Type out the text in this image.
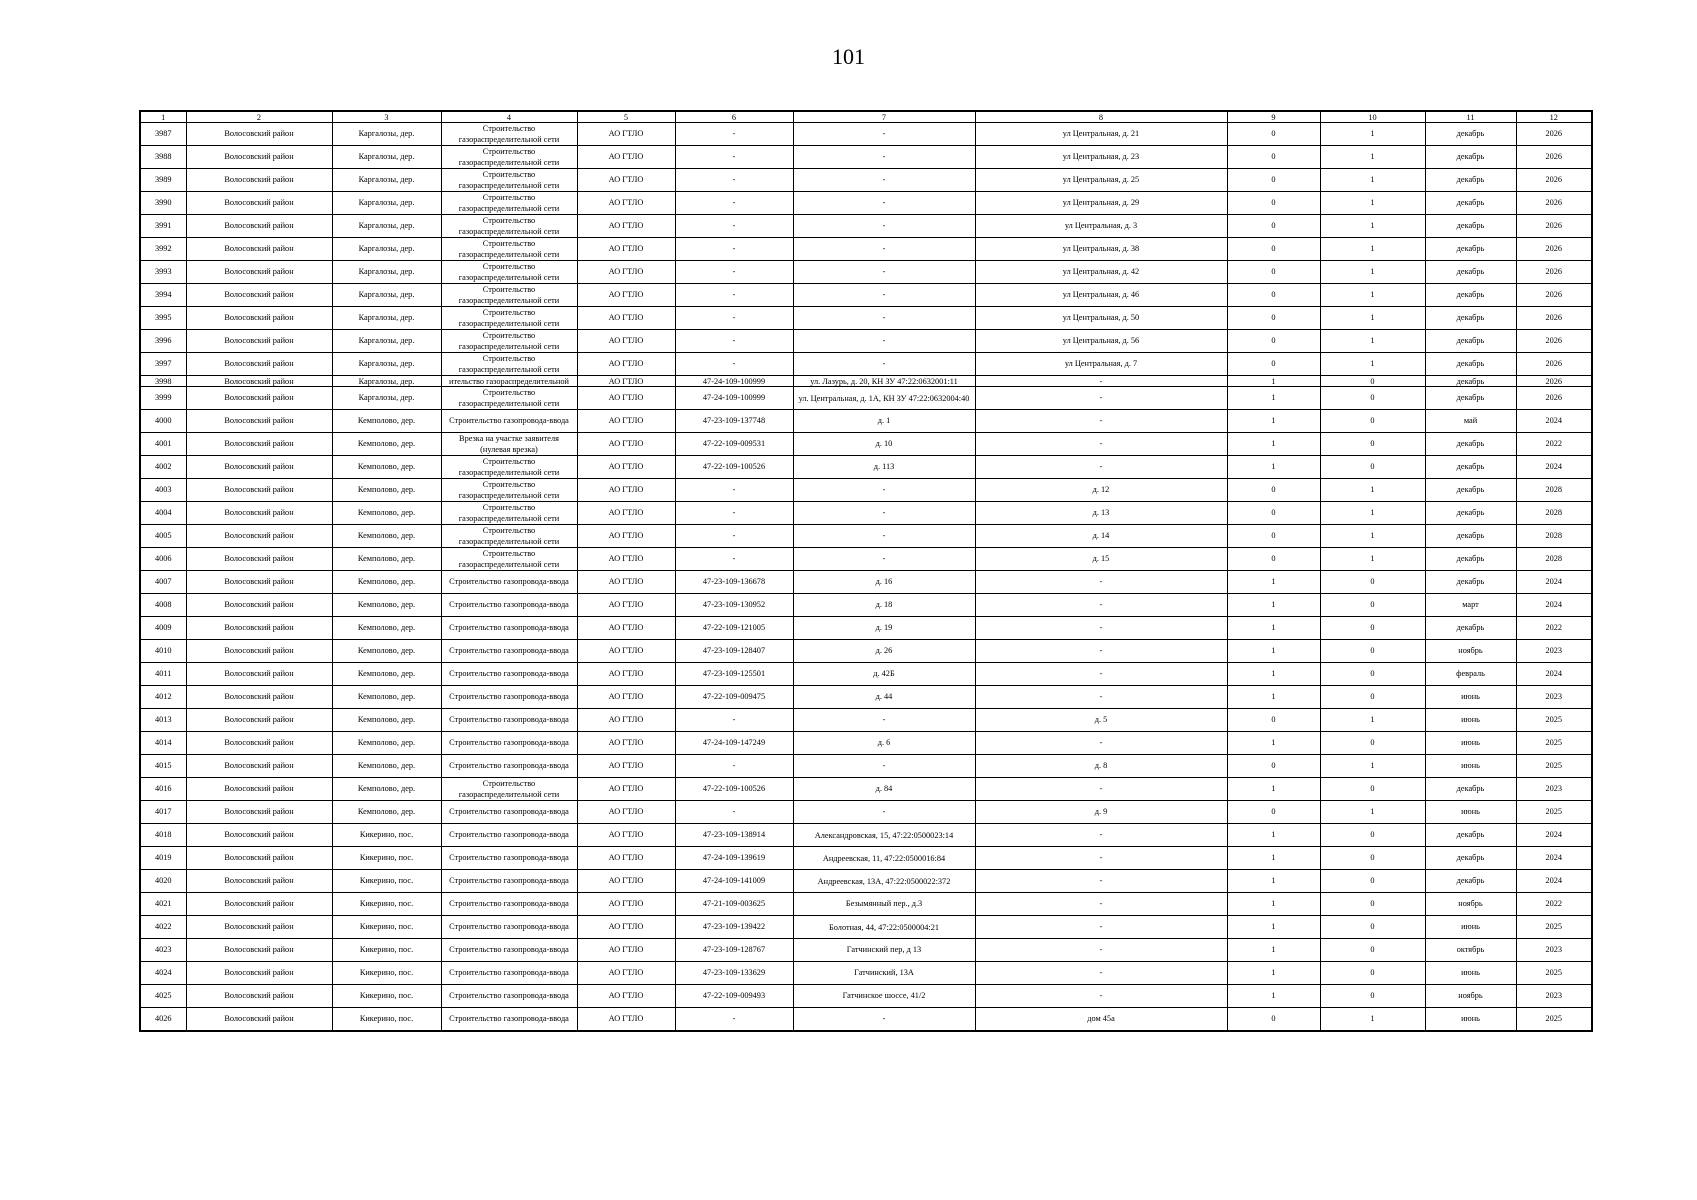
101
1	2	3	4	5	6	7	8	9	10	11	12
3987	Волосовский район	Каргалозы, дер.	Строительство газораспределительной сети	АО ГТЛО	-	-	ул Центральная, д. 21	0	1	декабрь	2026
3988	Волосовский район	Каргалозы, дер.	Строительство газораспределительной сети	АО ГТЛО	-	-	ул Центральная, д. 23	0	1	декабрь	2026
3989	Волосовский район	Каргалозы, дер.	Строительство газораспределительной сети	АО ГТЛО	-	-	ул Центральная, д. 25	0	1	декабрь	2026
3990	Волосовский район	Каргалозы, дер.	Строительство газораспределительной сети	АО ГТЛО	-	-	ул Центральная, д. 29	0	1	декабрь	2026
3991	Волосовский район	Каргалозы, дер.	Строительство газораспределительной сети	АО ГТЛО	-	-	ул Центральная, д. 3	0	1	декабрь	2026
3992	Волосовский район	Каргалозы, дер.	Строительство газораспределительной сети	АО ГТЛО	-	-	ул Центральная, д. 38	0	1	декабрь	2026
3993	Волосовский район	Каргалозы, дер.	Строительство газораспределительной сети	АО ГТЛО	-	-	ул Центральная, д. 42	0	1	декабрь	2026
3994	Волосовский район	Каргалозы, дер.	Строительство газораспределительной сети	АО ГТЛО	-	-	ул Центральная, д. 46	0	1	декабрь	2026
3995	Волосовский район	Каргалозы, дер.	Строительство газораспределительной сети	АО ГТЛО	-	-	ул Центральная, д. 50	0	1	декабрь	2026
3996	Волосовский район	Каргалозы, дер.	Строительство газораспределительной сети	АО ГТЛО	-	-	ул Центральная, д. 56	0	1	декабрь	2026
3997	Волосовский район	Каргалозы, дер.	Строительство газораспределительной сети	АО ГТЛО	-	-	ул Центральная, д. 7	0	1	декабрь	2026
3998	Волосовский район	Каргалозы, дер.	ительство газораспределительной	АО ГТЛО	47-24-109-100999	ул. Лазурь, д. 20, КН ЗУ 47:22:0632001:11	-	1	0	декабрь	2026
3999	Волосовский район	Каргалозы, дер.	Строительство газораспределительной сети	АО ГТЛО	47-24-109-100999	ул. Центральная, д. 1А, КН ЗУ 47:22:0632004:40	-	1	0	декабрь	2026
4000	Волосовский район	Кемполово, дер.	Строительство газопровода-ввода	АО ГТЛО	47-23-109-137748	д. 1	-	1	0	май	2024
4001	Волосовский район	Кемполово, дер.	Врезка на участке заявителя (нулевая врезка)	АО ГТЛО	47-22-109-009531	д. 10	-	1	0	декабрь	2022
4002	Волосовский район	Кемполово, дер.	Строительство газораспределительной сети	АО ГТЛО	47-22-109-100526	д. 113	-	1	0	декабрь	2024
4003	Волосовский район	Кемполово, дер.	Строительство газораспределительной сети	АО ГТЛО	-	-	д. 12	0	1	декабрь	2028
4004	Волосовский район	Кемполово, дер.	Строительство газораспределительной сети	АО ГТЛО	-	-	д. 13	0	1	декабрь	2028
4005	Волосовский район	Кемполово, дер.	Строительство газораспределительной сети	АО ГТЛО	-	-	д. 14	0	1	декабрь	2028
4006	Волосовский район	Кемполово, дер.	Строительство газораспределительной сети	АО ГТЛО	-	-	д. 15	0	1	декабрь	2028
4007	Волосовский район	Кемполово, дер.	Строительство газопровода-ввода	АО ГТЛО	47-23-109-136678	д. 16	-	1	0	декабрь	2024
4008	Волосовский район	Кемполово, дер.	Строительство газопровода-ввода	АО ГТЛО	47-23-109-130952	д. 18	-	1	0	март	2024
4009	Волосовский район	Кемполово, дер.	Строительство газопровода-ввода	АО ГТЛО	47-22-109-121005	д. 19	-	1	0	декабрь	2022
4010	Волосовский район	Кемполово, дер.	Строительство газопровода-ввода	АО ГТЛО	47-23-109-128407	д. 26	-	1	0	ноябрь	2023
4011	Волосовский район	Кемполово, дер.	Строительство газопровода-ввода	АО ГТЛО	47-23-109-125501	д. 42Б	-	1	0	февраль	2024
4012	Волосовский район	Кемполово, дер.	Строительство газопровода-ввода	АО ГТЛО	47-22-109-009475	д. 44	-	1	0	июнь	2023
4013	Волосовский район	Кемполово, дер.	Строительство газопровода-ввода	АО ГТЛО	-	-	д. 5	0	1	июнь	2025
4014	Волосовский район	Кемполово, дер.	Строительство газопровода-ввода	АО ГТЛО	47-24-109-147249	д. 6	-	1	0	июнь	2025
4015	Волосовский район	Кемполово, дер.	Строительство газопровода-ввода	АО ГТЛО	-	-	д. 8	0	1	июнь	2025
4016	Волосовский район	Кемполово, дер.	Строительство газораспределительной сети	АО ГТЛО	47-22-109-100526	д. 84	-	1	0	декабрь	2023
4017	Волосовский район	Кемполово, дер.	Строительство газопровода-ввода	АО ГТЛО	-	-	д. 9	0	1	июнь	2025
4018	Волосовский район	Кикерино, пос.	Строительство газопровода-ввода	АО ГТЛО	47-23-109-138914	Александровская, 15, 47:22:0500023:14	-	1	0	декабрь	2024
4019	Волосовский район	Кикерино, пос.	Строительство газопровода-ввода	АО ГТЛО	47-24-109-139619	Андреевская, 11, 47:22:0500016:84	-	1	0	декабрь	2024
4020	Волосовский район	Кикерино, пос.	Строительство газопровода-ввода	АО ГТЛО	47-24-109-141009	Андреевская, 13А, 47:22:0500022:372	-	1	0	декабрь	2024
4021	Волосовский район	Кикерино, пос.	Строительство газопровода-ввода	АО ГТЛО	47-21-109-003625	Безымянный пер., д.3	-	1	0	ноябрь	2022
4022	Волосовский район	Кикерино, пос.	Строительство газопровода-ввода	АО ГТЛО	47-23-109-139422	Болотная, 44, 47:22:0500004:21	-	1	0	июнь	2025
4023	Волосовский район	Кикерино, пос.	Строительство газопровода-ввода	АО ГТЛО	47-23-109-128767	Гатчинский пер, д 13	-	1	0	октябрь	2023
4024	Волосовский район	Кикерино, пос.	Строительство газопровода-ввода	АО ГТЛО	47-23-109-133629	Гатчинский, 13А	-	1	0	июнь	2025
4025	Волосовский район	Кикерино, пос.	Строительство газопровода-ввода	АО ГТЛО	47-22-109-009493	Гатчинское шоссе, 41/2	-	1	0	ноябрь	2023
4026	Волосовский район	Кикерино, пос.	Строительство газопровода-ввода	АО ГТЛО	-	-	дом 45а	0	1	июнь	2025
